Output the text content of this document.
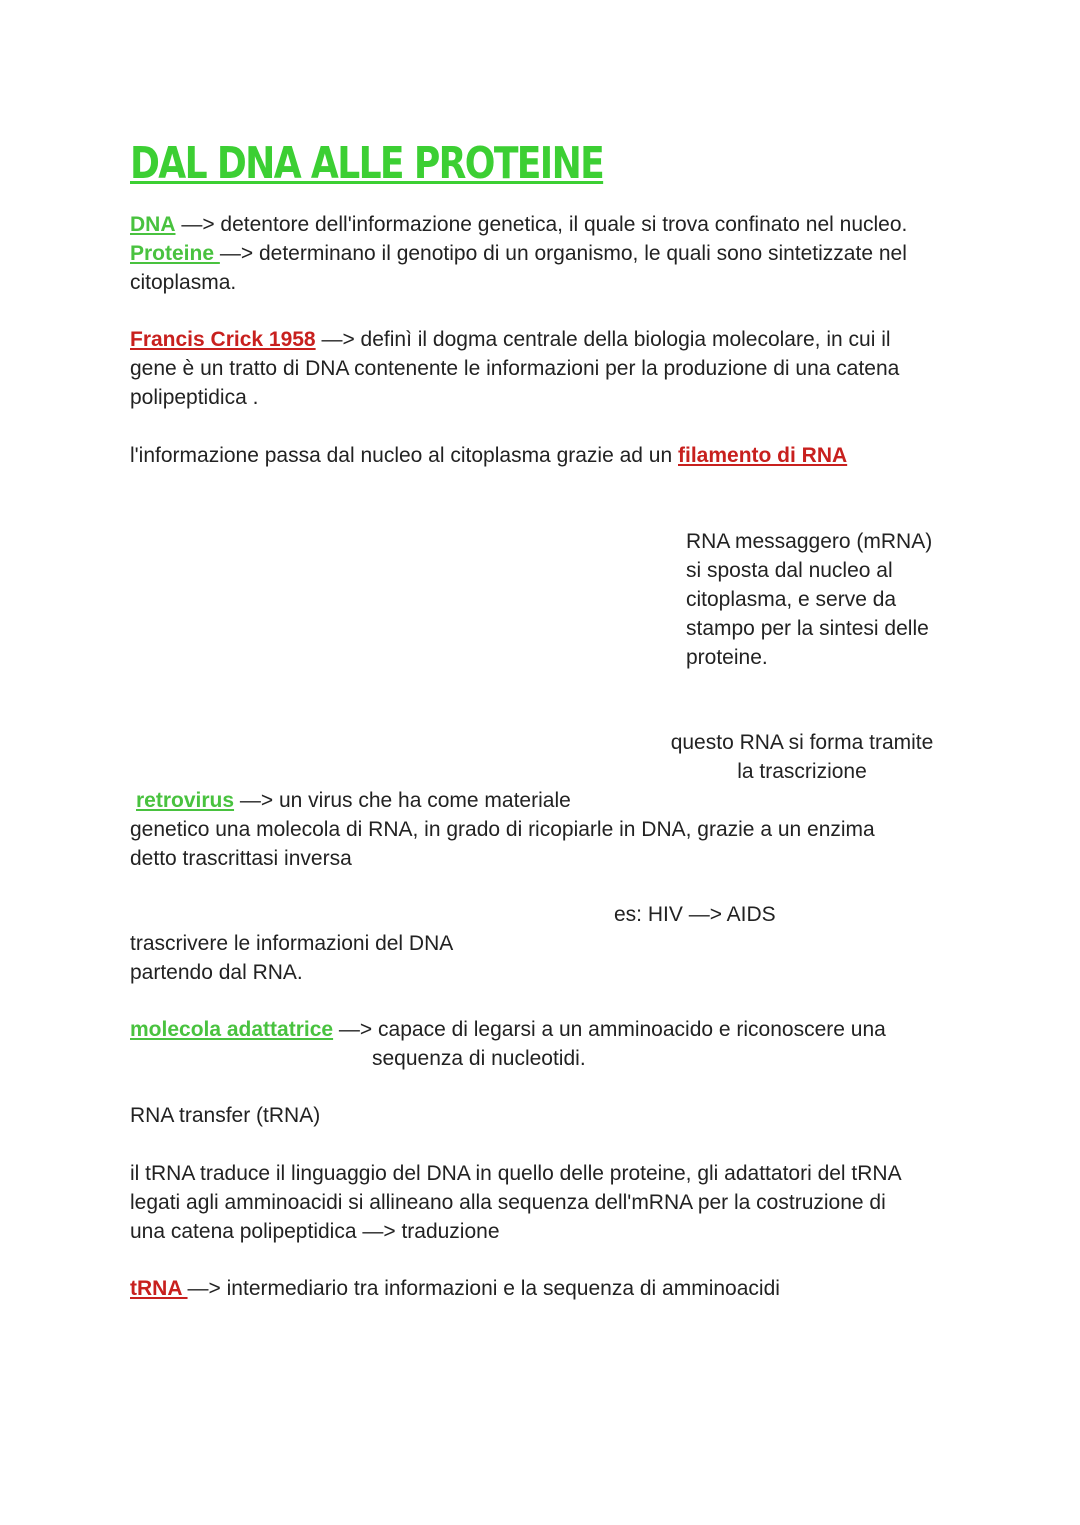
DAL DNA ALLE PROTEINE

DNA —> detentore dell'informazione genetica, il quale si trova confinato nel nucleo.
Proteine —> determinano il genotipo di un organismo, le quali sono sintetizzate nel
citoplasma.

Francis Crick 1958 —> definì il dogma centrale della biologia molecolare, in cui il
gene è un tratto di DNA contenente le informazioni per la produzione di una catena
polipeptidica .

l'informazione passa dal nucleo al citoplasma grazie ad un filamento di RNA

RNA messaggero (mRNA)
si sposta dal nucleo al
citoplasma, e serve da
stampo per la sintesi delle
proteine.

questo RNA si forma tramite
la trascrizione

retrovirus —> un virus che ha come materiale
genetico una molecola di RNA, in grado di ricopiarle in DNA, grazie a un enzima
detto trascrittasi inversa

es: HIV —> AIDS

trascrivere le informazioni del DNA
partendo dal RNA.

molecola adattatrice —> capace di legarsi a un amminoacido e riconoscere una
sequenza di nucleotidi.

RNA transfer (tRNA)

il tRNA traduce il linguaggio del DNA in quello delle proteine, gli adattatori del tRNA
legati agli amminoacidi si allineano alla sequenza dell'mRNA per la costruzione di
una catena polipeptidica —> traduzione

tRNA —> intermediario tra informazioni e la sequenza di amminoacidi
